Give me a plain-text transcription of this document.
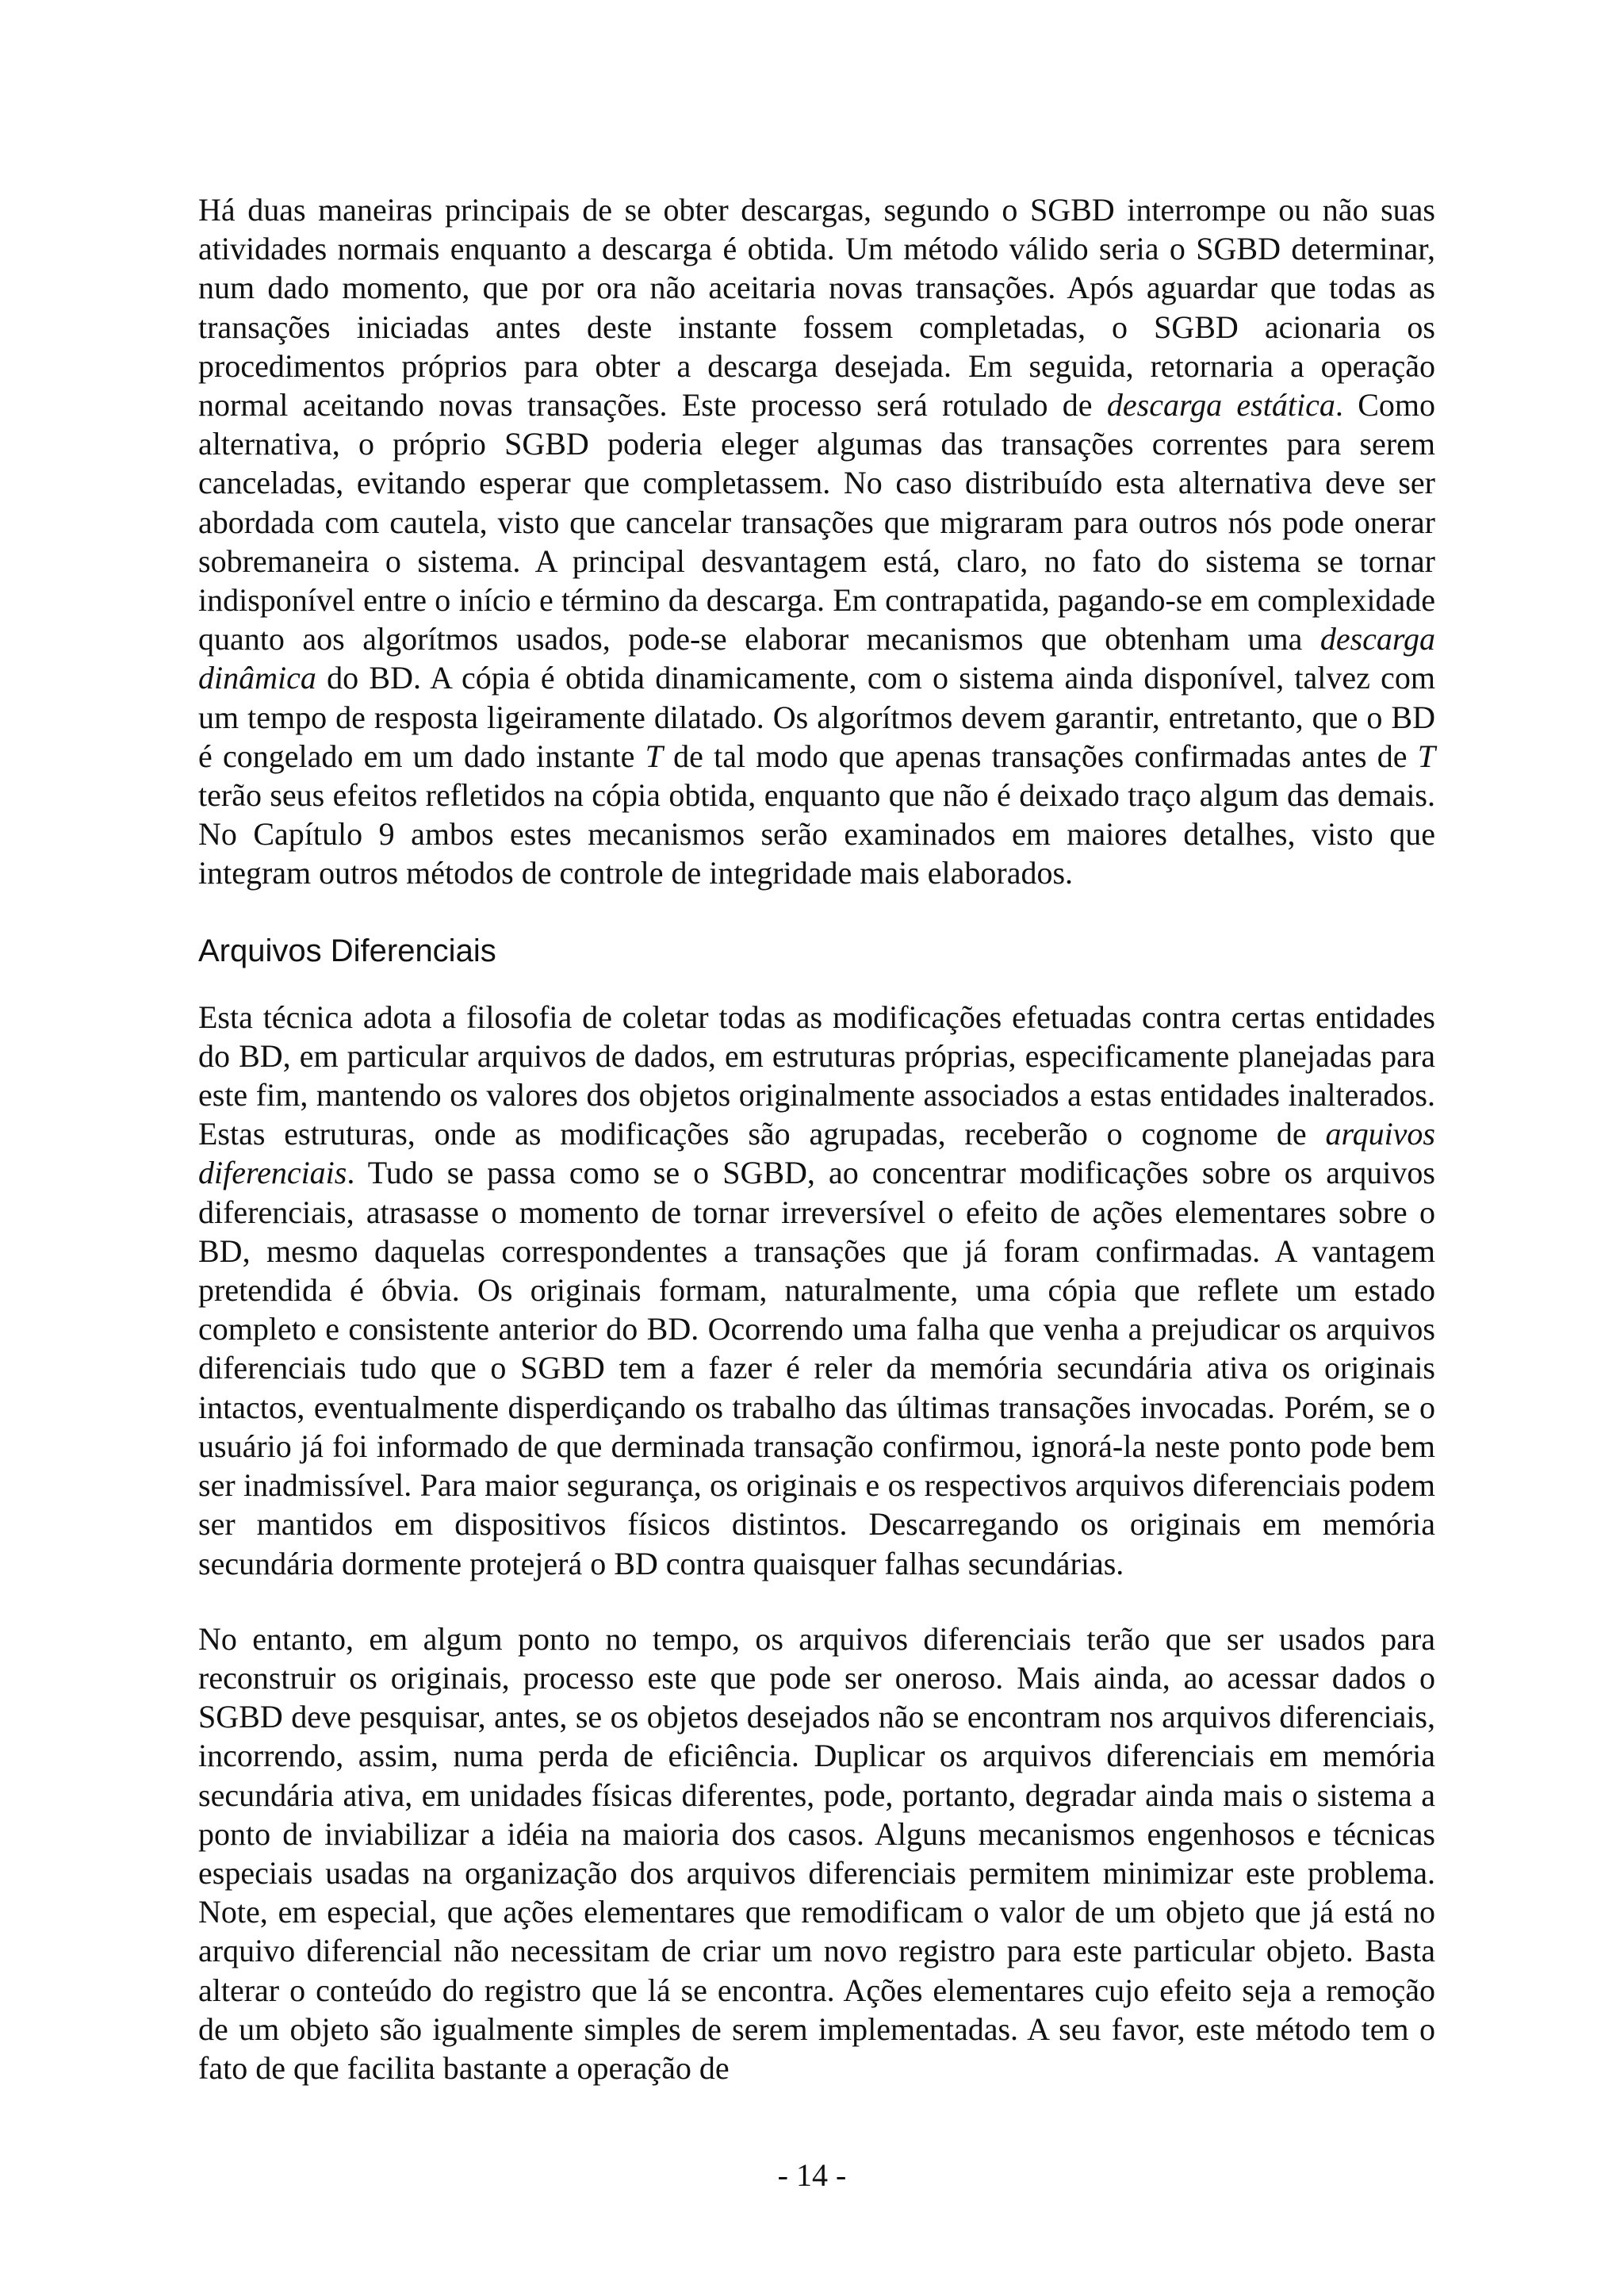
Há duas maneiras principais de se obter descargas, segundo o SGBD interrompe ou não suas atividades normais enquanto a descarga é obtida. Um método válido seria o SGBD determinar, num dado momento, que por ora não aceitaria novas transações. Após aguardar que todas as transações iniciadas antes deste instante fossem completadas, o SGBD acionaria os procedimentos próprios para obter a descarga desejada. Em seguida, retornaria a operação normal aceitando novas transações. Este processo será rotulado de descarga estática. Como alternativa, o próprio SGBD poderia eleger algumas das transações correntes para serem canceladas, evitando esperar que completassem. No caso distribuído esta alternativa deve ser abordada com cautela, visto que cancelar transações que migraram para outros nós pode onerar sobremaneira o sistema. A principal desvantagem está, claro, no fato do sistema se tornar indisponível entre o início e término da descarga. Em contrapatida, pagando-se em complexidade quanto aos algorítmos usados, pode-se elaborar mecanismos que obtenham uma descarga dinâmica do BD. A cópia é obtida dinamicamente, com o sistema ainda disponível, talvez com um tempo de resposta ligeiramente dilatado. Os algorítmos devem garantir, entretanto, que o BD é congelado em um dado instante T de tal modo que apenas transações confirmadas antes de T terão seus efeitos refletidos na cópia obtida, enquanto que não é deixado traço algum das demais. No Capítulo 9 ambos estes mecanismos serão examinados em maiores detalhes, visto que integram outros métodos de controle de integridade mais elaborados.

Arquivos Diferenciais

Esta técnica adota a filosofia de coletar todas as modificações efetuadas contra certas entidades do BD, em particular arquivos de dados, em estruturas próprias, especificamente planejadas para este fim, mantendo os valores dos objetos originalmente associados a estas entidades inalterados. Estas estruturas, onde as modificações são agrupadas, receberão o cognome de arquivos diferenciais. Tudo se passa como se o SGBD, ao concentrar modificações sobre os arquivos diferenciais, atrasasse o momento de tornar irreversível o efeito de ações elementares sobre o BD, mesmo daquelas correspondentes a transações que já foram confirmadas. A vantagem pretendida é óbvia. Os originais formam, naturalmente, uma cópia que reflete um estado completo e consistente anterior do BD. Ocorrendo uma falha que venha a prejudicar os arquivos diferenciais tudo que o SGBD tem a fazer é reler da memória secundária ativa os originais intactos, eventualmente disperdiçando os trabalho das últimas transações invocadas. Porém, se o usuário já foi informado de que derminada transação confirmou, ignorá-la neste ponto pode bem ser inadmissível. Para maior segurança, os originais e os respectivos arquivos diferenciais podem ser mantidos em dispositivos físicos distintos. Descarregando os originais em memória secundária dormente protejerá o BD contra quaisquer falhas secundárias.

No entanto, em algum ponto no tempo, os arquivos diferenciais terão que ser usados para reconstruir os originais, processo este que pode ser oneroso. Mais ainda, ao acessar dados o SGBD deve pesquisar, antes, se os objetos desejados não se encontram nos arquivos diferenciais, incorrendo, assim, numa perda de eficiência. Duplicar os arquivos diferenciais em memória secundária ativa, em unidades físicas diferentes, pode, portanto, degradar ainda mais o sistema a ponto de inviabilizar a idéia na maioria dos casos. Alguns mecanismos engenhosos e técnicas especiais usadas na organização dos arquivos diferenciais permitem minimizar este problema. Note, em especial, que ações elementares que remodificam o valor de um objeto que já está no arquivo diferencial não necessitam de criar um novo registro para este particular objeto. Basta alterar o conteúdo do registro que lá se encontra. Ações elementares cujo efeito seja a remoção de um objeto são igualmente simples de serem implementadas. A seu favor, este método tem o fato de que facilita bastante a operação de

- 14 -
